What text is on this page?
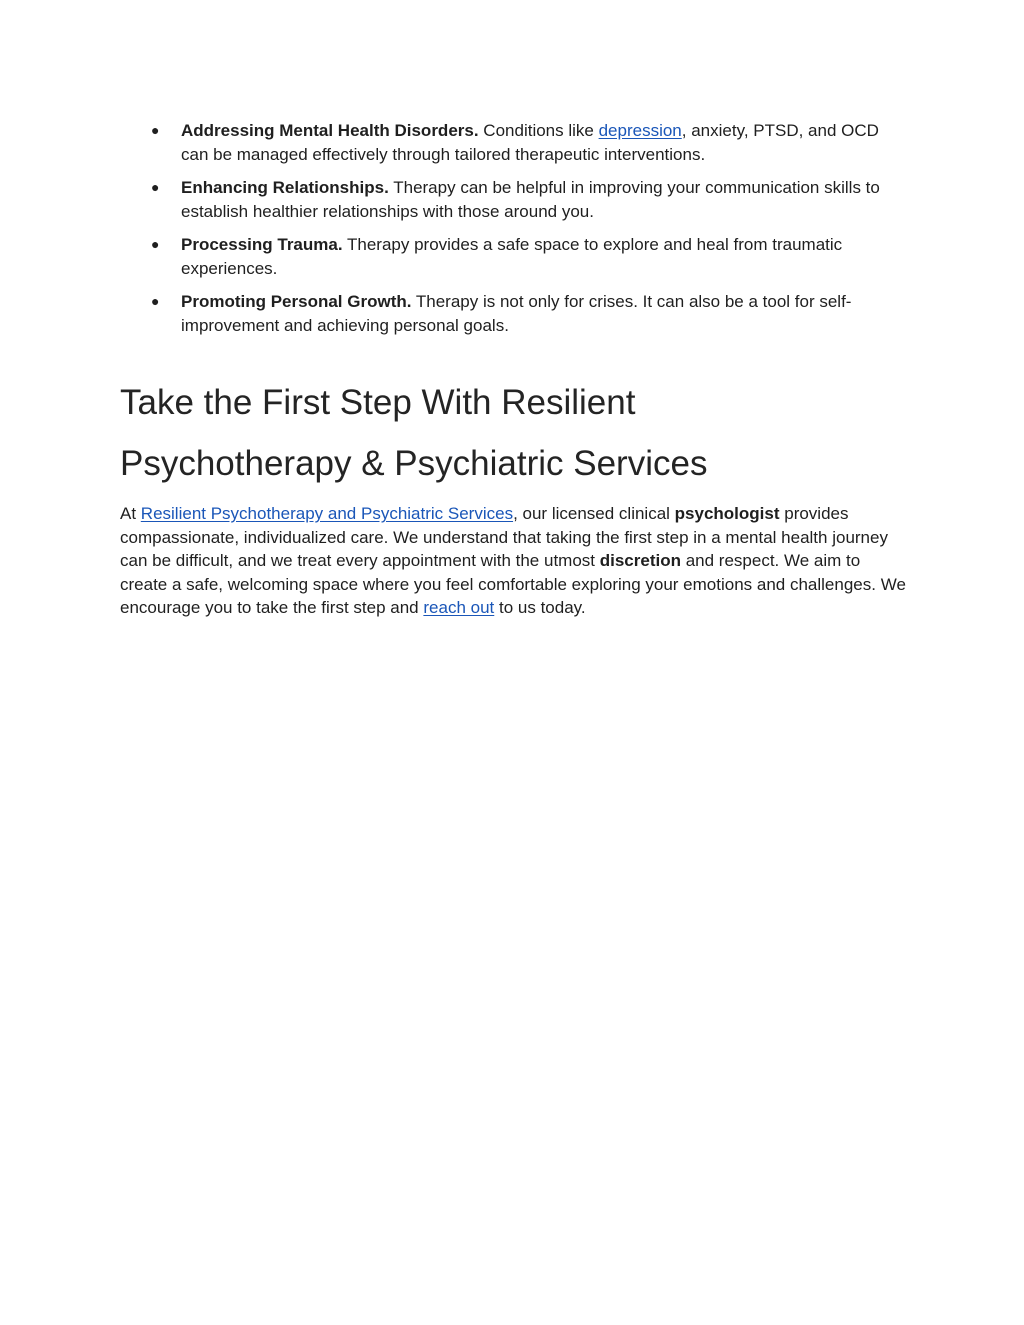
● Addressing Mental Health Disorders. Conditions like depression, anxiety, PTSD, and OCD can be managed effectively through tailored therapeutic interventions.
● Enhancing Relationships. Therapy can be helpful in improving your communication skills to establish healthier relationships with those around you.
● Processing Trauma. Therapy provides a safe space to explore and heal from traumatic experiences.
● Promoting Personal Growth. Therapy is not only for crises. It can also be a tool for self-improvement and achieving personal goals.
Take the First Step With Resilient
Psychotherapy & Psychiatric Services

At Resilient Psychotherapy and Psychiatric Services, our licensed clinical psychologist provides compassionate, individualized care. We understand that taking the first step in a mental health journey can be difficult, and we treat every appointment with the utmost discretion and respect. We aim to create a safe, welcoming space where you feel comfortable exploring your emotions and challenges. We encourage you to take the first step and reach out to us today.
